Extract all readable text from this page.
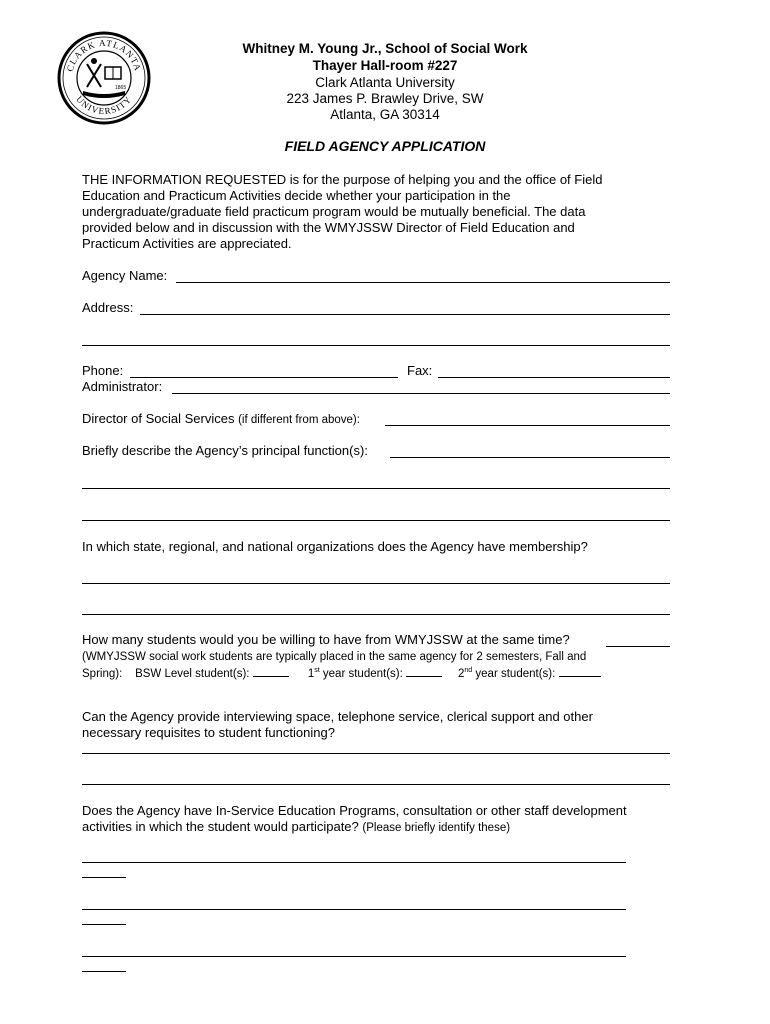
CLARK ATLANTA
UNIVERSITY
1865
Whitney M. Young Jr., School of Social Work
Thayer Hall-room #227
Clark Atlanta University
223 James P. Brawley Drive, SW
Atlanta, GA 30314
FIELD AGENCY APPLICATION
THE INFORMATION REQUESTED is for the purpose of helping you and the office of Field
Education and Practicum Activities decide whether your participation in the
undergraduate/graduate field practicum program would be mutually beneficial. The data
provided below and in discussion with the WMYJSSW Director of Field Education and
Practicum Activities are appreciated.
Agency Name:
Address:
Phone:	Fax:
Administrator:
Director of Social Services (if different from above):
Briefly describe the Agency’s principal function(s):
In which state, regional, and national organizations does the Agency have membership?
How many students would you be willing to have from WMYJSSW at the same time?
(WMYJSSW social work students are typically placed in the same agency for 2 semesters, Fall and
Spring): BSW Level student(s):	1st year student(s):	2nd year student(s):
Can the Agency provide interviewing space, telephone service, clerical support and other
necessary requisites to student functioning?
Does the Agency have In-Service Education Programs, consultation or other staff development
activities in which the student would participate? (Please briefly identify these)
